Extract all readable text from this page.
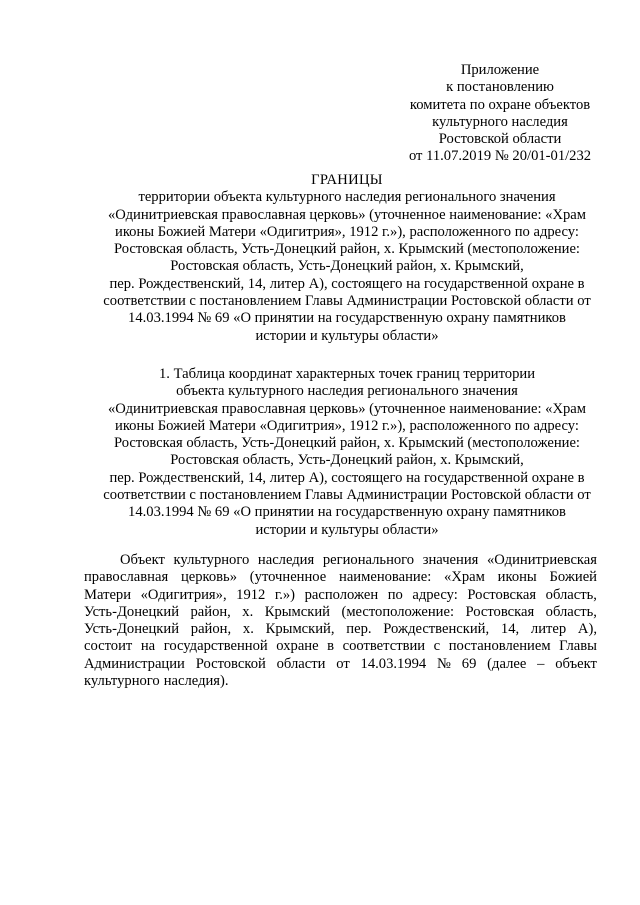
Приложение
к постановлению
комитета по охране объектов
культурного наследия
Ростовской области
от 11.07.2019 № 20/01-01/232
ГРАНИЦЫ
территории объекта культурного наследия регионального значения
«Одинитриевская православная церковь» (уточненное наименование: «Храм
иконы Божией Матери «Одигитрия», 1912 г.»), расположенного по адресу:
Ростовская область, Усть-Донецкий район, х. Крымский (местоположение:
Ростовская область, Усть-Донецкий район, х. Крымский,
пер. Рождественский, 14, литер А), состоящего на государственной охране в
соответствии с постановлением Главы Администрации Ростовской области от
14.03.1994 № 69 «О принятии на государственную охрану памятников
истории и культуры области»
1. Таблица координат характерных точек границ территории
объекта культурного наследия регионального значения
«Одинитриевская православная церковь» (уточненное наименование: «Храм
иконы Божией Матери «Одигитрия», 1912 г.»), расположенного по адресу:
Ростовская область, Усть-Донецкий район, х. Крымский (местоположение:
Ростовская область, Усть-Донецкий район, х. Крымский,
пер. Рождественский, 14, литер А), состоящего на государственной охране в
соответствии с постановлением Главы Администрации Ростовской области от
14.03.1994 № 69 «О принятии на государственную охрану памятников
истории и культуры области»
Объект культурного наследия регионального значения «Одинитриевская
православная церковь» (уточненное наименование: «Храм иконы Божией
Матери «Одигитрия», 1912 г.») расположен по адресу: Ростовская область,
Усть-Донецкий район, х. Крымский (местоположение: Ростовская область,
Усть-Донецкий район, х. Крымский, пер. Рождественский, 14, литер А),
состоит на государственной охране в соответствии с постановлением Главы
Администрации Ростовской области от 14.03.1994 № 69 (далее – объект
культурного наследия).
